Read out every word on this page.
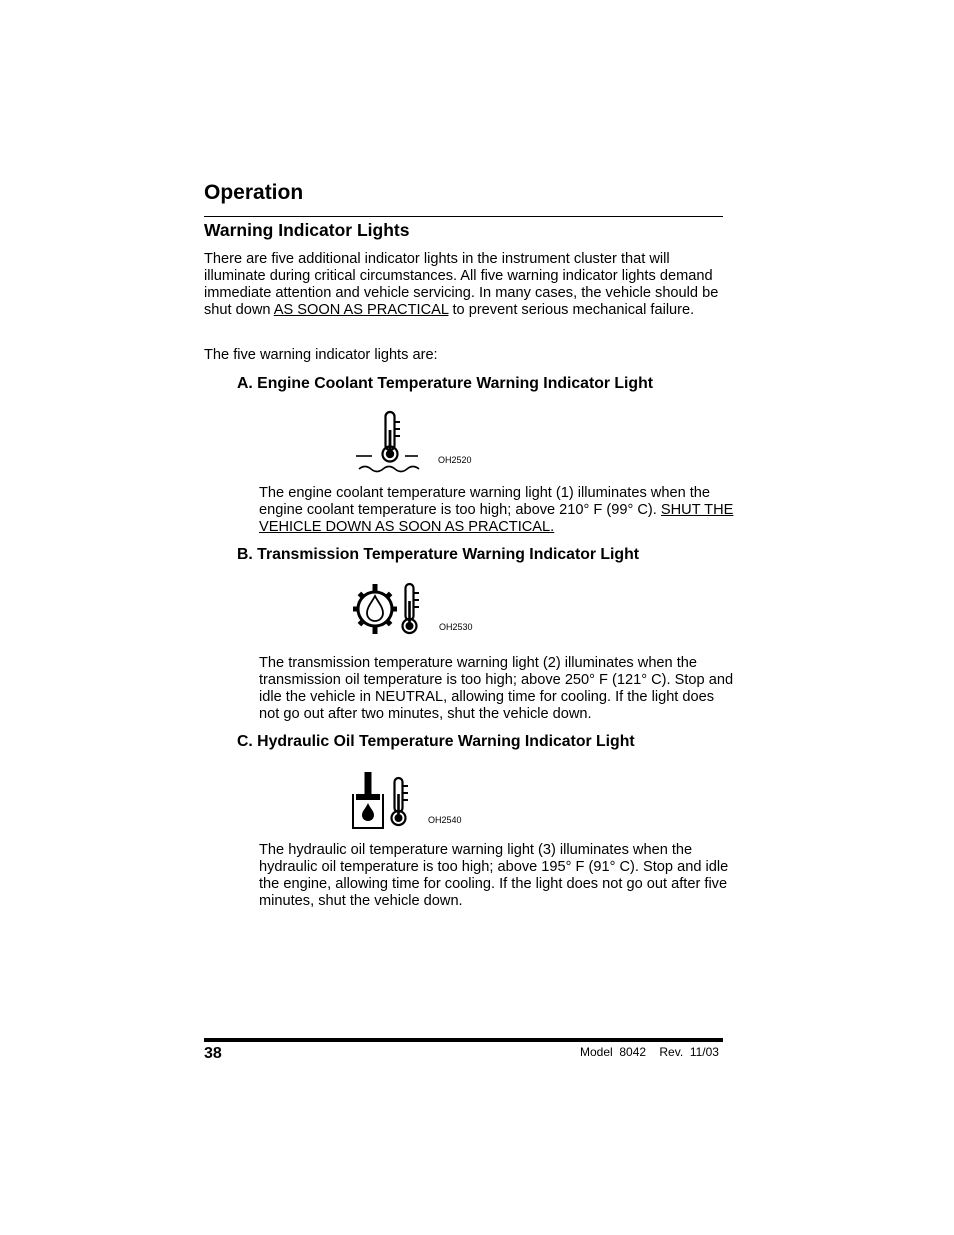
Operation
Warning Indicator Lights

There are five additional indicator lights in the instrument cluster that will illuminate during critical circumstances. All five warning indicator lights demand immediate attention and vehicle servicing. In many cases, the vehicle should be shut down AS SOON AS PRACTICAL to prevent serious mechanical failure.

The five warning indicator lights are:

A. Engine Coolant Temperature Warning Indicator Light
OH2520

The engine coolant temperature warning light (1) illuminates when the engine coolant temperature is too high; above 210° F (99° C). SHUT THE VEHICLE DOWN AS SOON AS PRACTICAL.

B. Transmission Temperature Warning Indicator Light
OH2530

The transmission temperature warning light (2) illuminates when the transmission oil temperature is too high; above 250° F (121° C). Stop and idle the vehicle in NEUTRAL, allowing time for cooling. If the light does not go out after two minutes, shut the vehicle down.

C. Hydraulic Oil Temperature Warning Indicator Light
OH2540

The hydraulic oil temperature warning light (3) illuminates when the hydraulic oil temperature is too high; above 195° F (91° C). Stop and idle the engine, allowing time for cooling. If the light does not go out after five minutes, shut the vehicle down.

38	Model  8042    Rev.  11/03
